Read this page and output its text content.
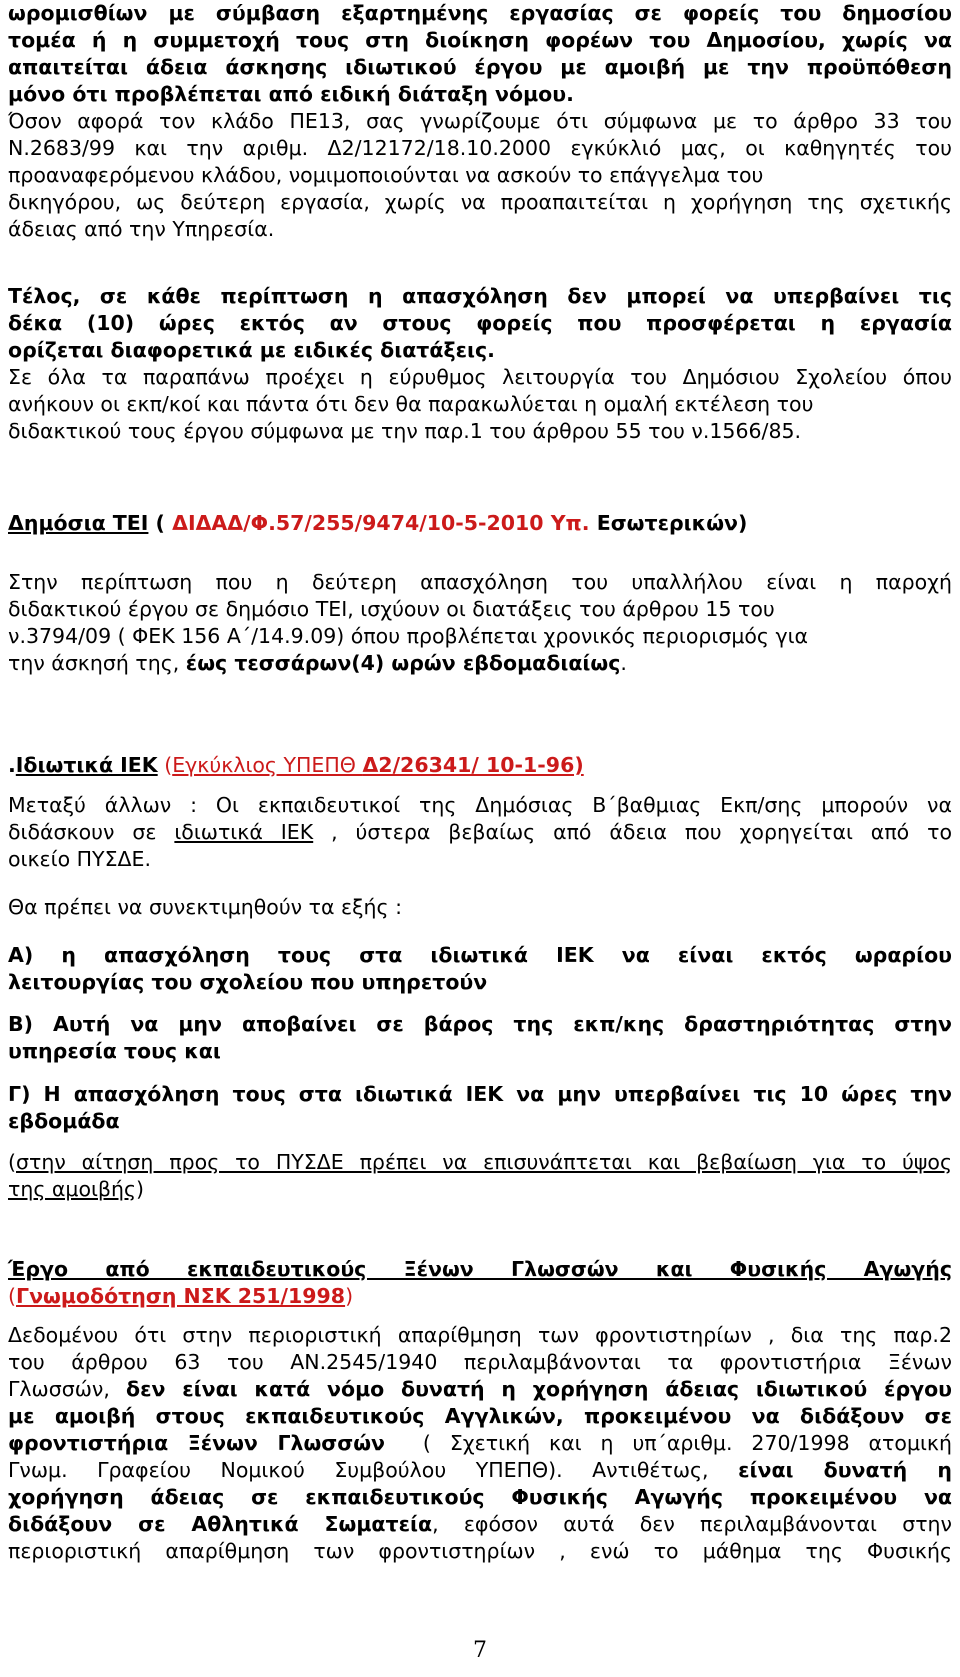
ωρομισθίων με σύμβαση εξαρτημένης εργασίας σε φορείς του δημοσίου

τομέα ή η συμμετοχή τους στη διοίκηση φορέων του Δημοσίου, χωρίς να

απαιτείται άδεια άσκησης ιδιωτικού έργου με αμοιβή με την προϋπόθεση

μόνο ότι προβλέπεται από ειδική διάταξη νόμου.

Όσον αφορά τον κλάδο ΠΕ13, σας γνωρίζουμε ότι σύμφωνα με το άρθρο 33 του

Ν.2683/99 και την αριθμ. Δ2/12172/18.10.2000 εγκύκλιό μας, οι καθηγητές του

προαναφερόμενου κλάδου, νομιμοποιούνται να ασκούν το επάγγελμα του

δικηγόρου, ως δεύτερη εργασία, χωρίς να προαπαιτείται η χορήγηση της σχετικής

άδειας από την Υπηρεσία.

Τέλος, σε κάθε περίπτωση η απασχόληση δεν μπορεί να υπερβαίνει τις

δέκα (10) ώρες εκτός αν στους φορείς που προσφέρεται η εργασία

ορίζεται διαφορετικά με ειδικές διατάξεις.

Σε όλα τα παραπάνω προέχει η εύρυθμος λειτουργία του Δημόσιου Σχολείου όπου

ανήκουν οι εκπ/κοί και πάντα ότι δεν θα παρακωλύεται η ομαλή εκτέλεση του

διδακτικού τους έργου σύμφωνα με την παρ.1 του άρθρου 55 του ν.1566/85.

Δημόσια ΤΕΙ ( ΔΙΔΑΔ/Φ.57/255/9474/10-5-2010 Υπ. Εσωτερικών)

Στην περίπτωση που η δεύτερη απασχόληση του υπαλλήλου είναι η παροχή

διδακτικού έργου σε δημόσιο ΤΕΙ, ισχύουν οι διατάξεις του άρθρου 15 του

ν.3794/09 ( ΦΕΚ 156 Α΄/14.9.09) όπου προβλέπεται χρονικός περιορισμός για

την άσκησή της, έως τεσσάρων(4) ωρών εβδομαδιαίως.

.Ιδιωτικά ΙΕΚ (Εγκύκλιος ΥΠΕΠΘ Δ2/26341/ 10-1-96)

Μεταξύ άλλων : Οι εκπαιδευτικοί της Δημόσιας Β΄βαθμιας Εκπ/σης μπορούν να

διδάσκουν σε ιδιωτικά ΙΕΚ , ύστερα βεβαίως από άδεια που χορηγείται από το

οικείο ΠΥΣΔΕ.

Θα πρέπει να συνεκτιμηθούν τα εξής :

Α) η απασχόληση τους στα ιδιωτικά ΙΕΚ να είναι εκτός ωραρίου

λειτουργίας του σχολείου που υπηρετούν

Β) Αυτή να μην αποβαίνει σε βάρος της εκπ/κης δραστηριότητας στην

υπηρεσία τους και

Γ) Η απασχόληση τους στα ιδιωτικά ΙΕΚ να μην υπερβαίνει τις 10 ώρες την

εβδομάδα

(στην αίτηση προς το ΠΥΣΔΕ πρέπει να επισυνάπτεται και βεβαίωση για το ύψος

της αμοιβής)

Έργο από εκπαιδευτικούς Ξένων Γλωσσών και Φυσικής Αγωγής

(Γνωμοδότηση ΝΣΚ 251/1998)

Δεδομένου ότι στην περιοριστική απαρίθμηση των φροντιστηρίων , δια της παρ.2

του άρθρου 63 του ΑΝ.2545/1940 περιλαμβάνονται τα φροντιστήρια Ξένων

Γλωσσών, δεν είναι κατά νόμο δυνατή η χορήγηση άδειας ιδιωτικού έργου

με αμοιβή στους εκπαιδευτικούς Αγγλικών, προκειμένου να διδάξουν σε

φροντιστήρια Ξένων Γλωσσών  ( Σχετική και η υπ΄αριθμ. 270/1998 ατομική

Γνωμ. Γραφείου Νομικού Συμβούλου ΥΠΕΠΘ). Αντιθέτως, είναι δυνατή η

χορήγηση άδειας σε εκπαιδευτικούς Φυσικής Αγωγής προκειμένου να

διδάξουν σε Αθλητικά Σωματεία, εφόσον αυτά δεν περιλαμβάνονται στην

περιοριστική απαρίθμηση των φροντιστηρίων , ενώ το μάθημα της Φυσικής

7
